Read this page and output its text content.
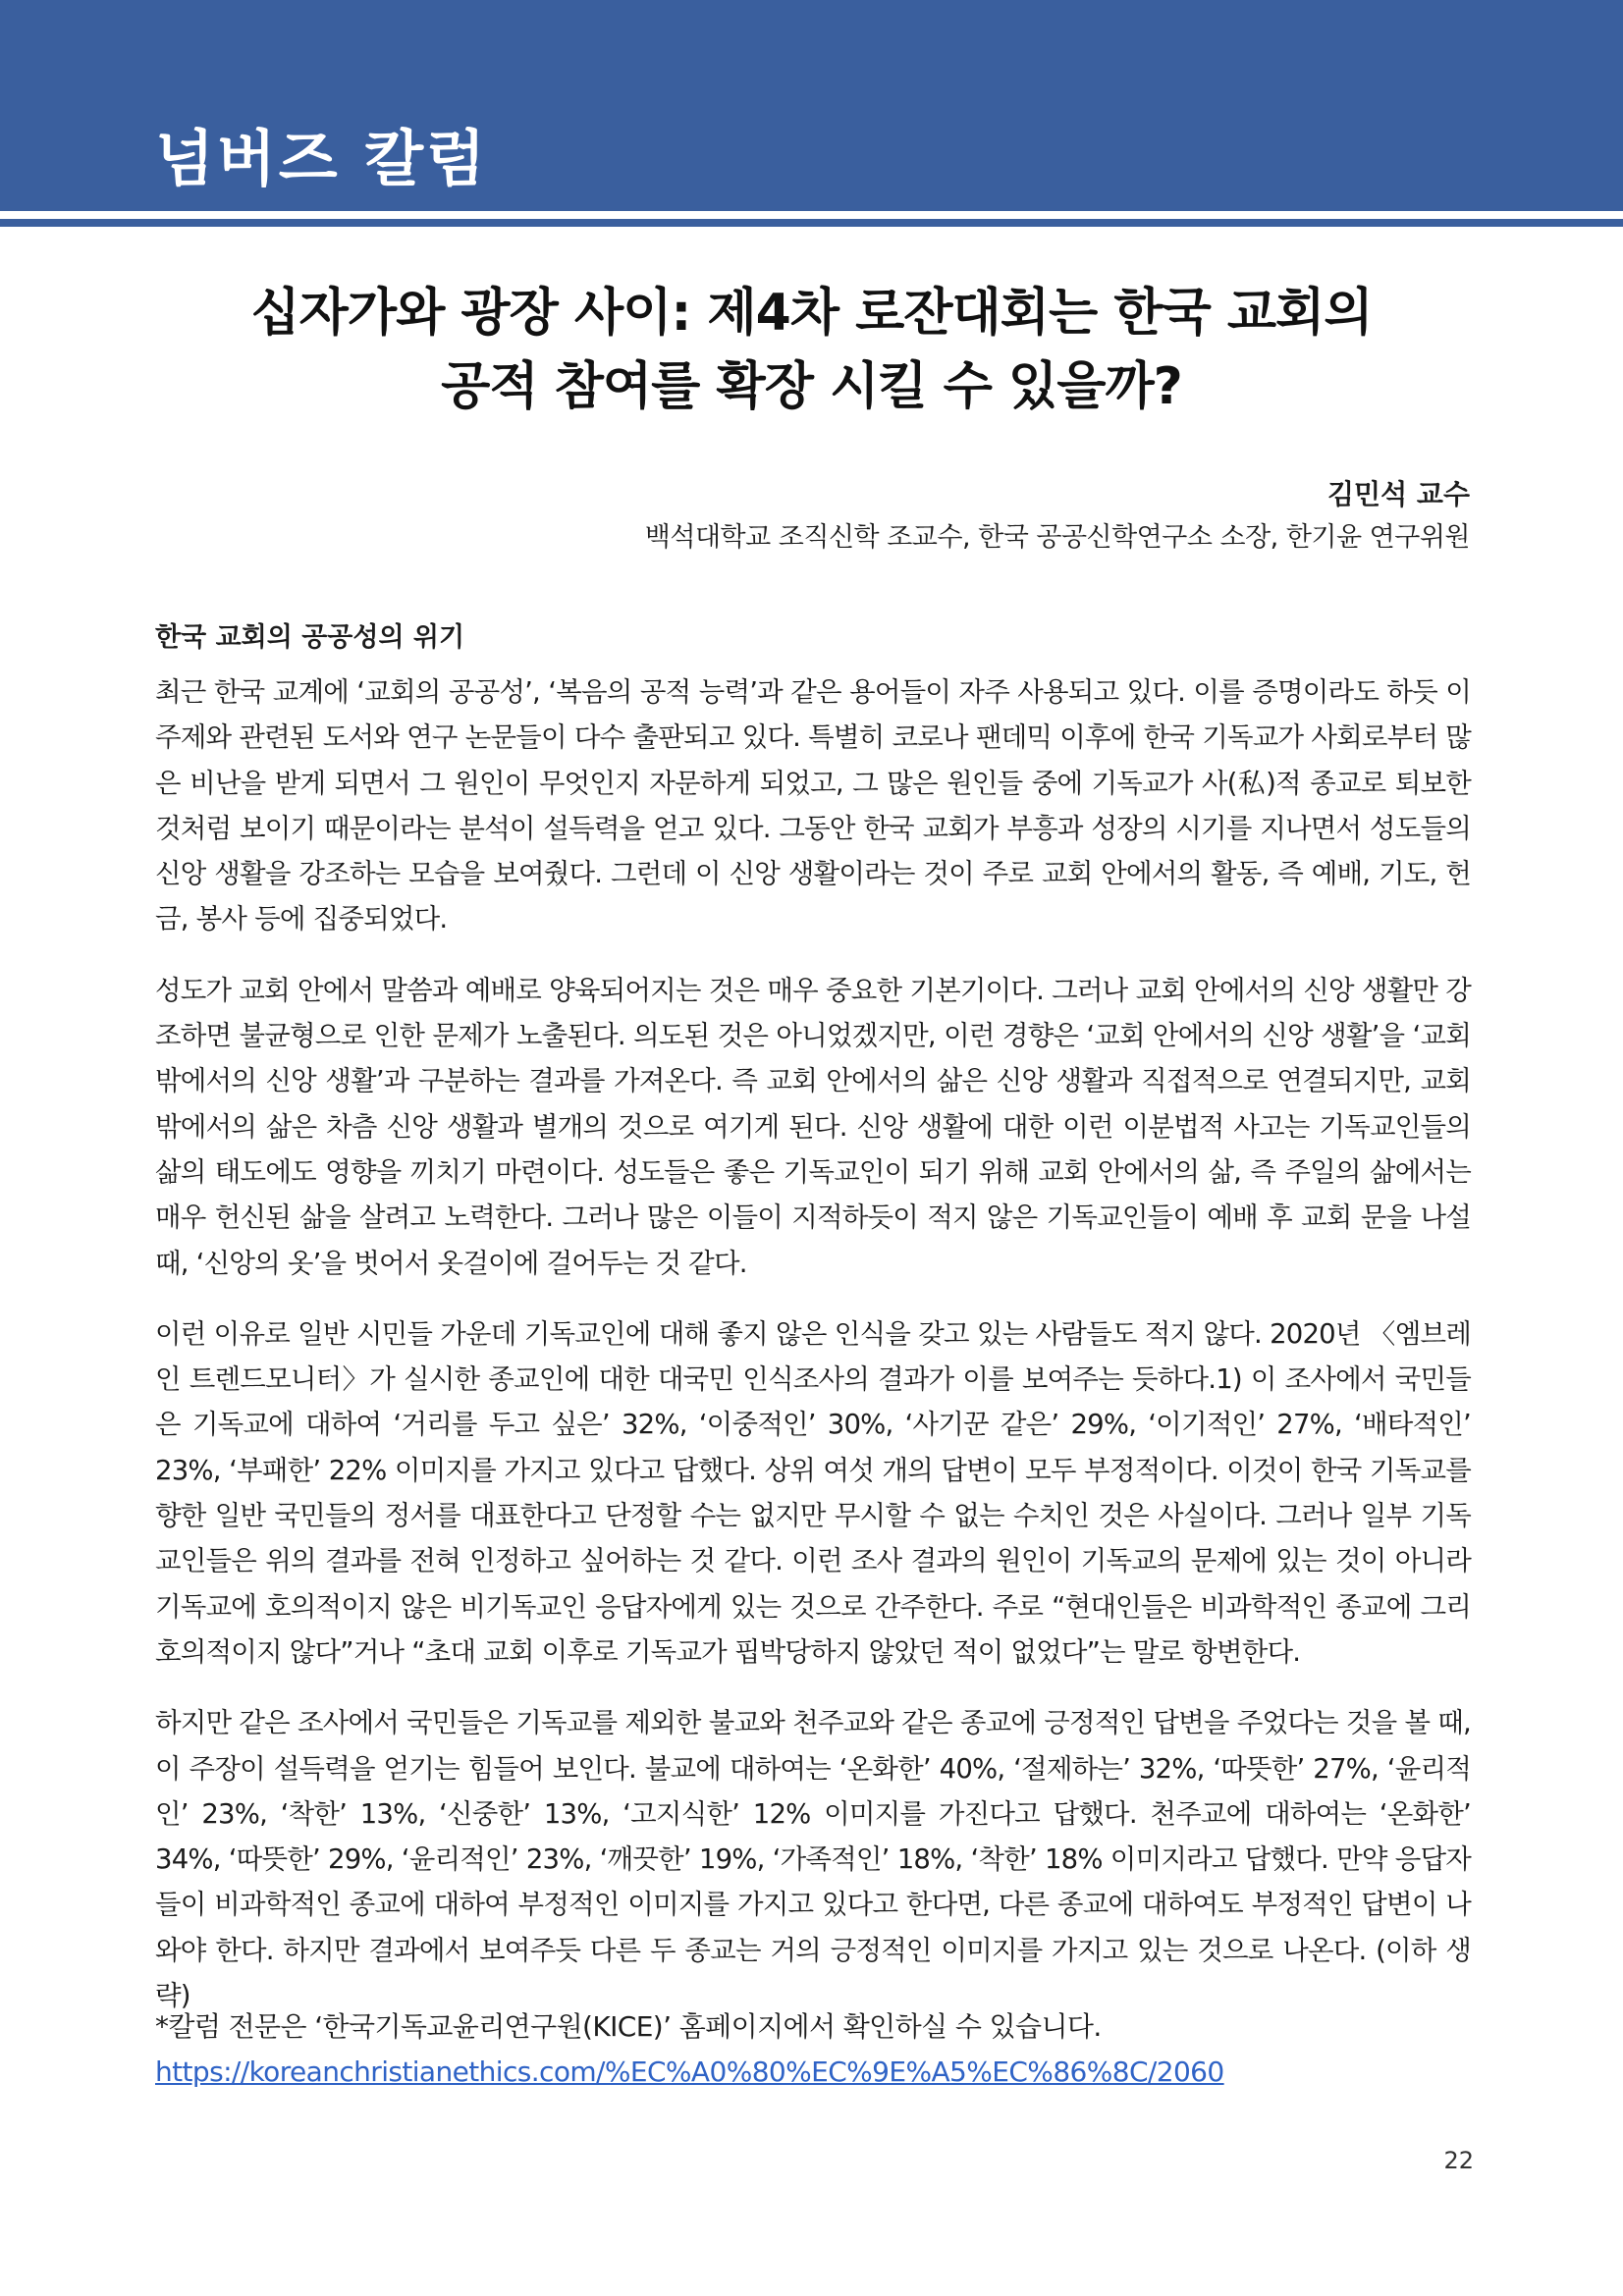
넘버즈 칼럼
십자가와 광장 사이: 제4차 로잔대회는 한국 교회의
공적 참여를 확장 시킬 수 있을까?
김민석 교수
백석대학교 조직신학 조교수, 한국 공공신학연구소 소장, 한기윤 연구위원
한국 교회의 공공성의 위기

최근 한국 교계에 ‘교회의 공공성’, ‘복음의 공적 능력’과 같은 용어들이 자주 사용되고 있다. 이를 증명이라도 하듯 이 주제와 관련된 도서와 연구 논문들이 다수 출판되고 있다. 특별히 코로나 팬데믹 이후에 한국 기독교가 사회로부터 많은 비난을 받게 되면서 그 원인이 무엇인지 자문하게 되었고, 그 많은 원인들 중에 기독교가 사(私)적 종교로 퇴보한 것처럼 보이기 때문이라는 분석이 설득력을 얻고 있다. 그동안 한국 교회가 부흥과 성장의 시기를 지나면서 성도들의 신앙 생활을 강조하는 모습을 보여줬다. 그런데 이 신앙 생활이라는 것이 주로 교회 안에서의 활동, 즉 예배, 기도, 헌금, 봉사 등에 집중되었다.

성도가 교회 안에서 말씀과 예배로 양육되어지는 것은 매우 중요한 기본기이다. 그러나 교회 안에서의 신앙 생활만 강조하면 불균형으로 인한 문제가 노출된다. 의도된 것은 아니었겠지만, 이런 경향은 ‘교회 안에서의 신앙 생활’을 ‘교회 밖에서의 신앙 생활’과 구분하는 결과를 가져온다. 즉 교회 안에서의 삶은 신앙 생활과 직접적으로 연결되지만, 교회 밖에서의 삶은 차츰 신앙 생활과 별개의 것으로 여기게 된다. 신앙 생활에 대한 이런 이분법적 사고는 기독교인들의 삶의 태도에도 영향을 끼치기 마련이다. 성도들은 좋은 기독교인이 되기 위해 교회 안에서의 삶, 즉 주일의 삶에서는 매우 헌신된 삶을 살려고 노력한다. 그러나 많은 이들이 지적하듯이 적지 않은 기독교인들이 예배 후 교회 문을 나설 때, ‘신앙의 옷’을 벗어서 옷걸이에 걸어두는 것 같다.

이런 이유로 일반 시민들 가운데 기독교인에 대해 좋지 않은 인식을 갖고 있는 사람들도 적지 않다. 2020년 〈엠브레인 트렌드모니터〉가 실시한 종교인에 대한 대국민 인식조사의 결과가 이를 보여주는 듯하다.1) 이 조사에서 국민들은 기독교에 대하여 ‘거리를 두고 싶은’ 32%, ‘이중적인’ 30%, ‘사기꾼 같은’ 29%, ‘이기적인’ 27%, ‘배타적인’ 23%, ‘부패한’ 22% 이미지를 가지고 있다고 답했다. 상위 여섯 개의 답변이 모두 부정적이다. 이것이 한국 기독교를 향한 일반 국민들의 정서를 대표한다고 단정할 수는 없지만 무시할 수 없는 수치인 것은 사실이다. 그러나 일부 기독교인들은 위의 결과를 전혀 인정하고 싶어하는 것 같다. 이런 조사 결과의 원인이 기독교의 문제에 있는 것이 아니라 기독교에 호의적이지 않은 비기독교인 응답자에게 있는 것으로 간주한다. 주로 “현대인들은 비과학적인 종교에 그리 호의적이지 않다”거나 “초대 교회 이후로 기독교가 핍박당하지 않았던 적이 없었다”는 말로 항변한다.

하지만 같은 조사에서 국민들은 기독교를 제외한 불교와 천주교와 같은 종교에 긍정적인 답변을 주었다는 것을 볼 때, 이 주장이 설득력을 얻기는 힘들어 보인다. 불교에 대하여는 ‘온화한’ 40%, ‘절제하는’ 32%, ‘따뜻한’ 27%, ‘윤리적인’ 23%, ‘착한’ 13%, ‘신중한’ 13%, ‘고지식한’ 12% 이미지를 가진다고 답했다. 천주교에 대하여는 ‘온화한’ 34%, ‘따뜻한’ 29%, ‘윤리적인’ 23%, ‘깨끗한’ 19%, ‘가족적인’ 18%, ‘착한’ 18% 이미지라고 답했다. 만약 응답자들이 비과학적인 종교에 대하여 부정적인 이미지를 가지고 있다고 한다면, 다른 종교에 대하여도 부정적인 답변이 나와야 한다. 하지만 결과에서 보여주듯 다른 두 종교는 거의 긍정적인 이미지를 가지고 있는 것으로 나온다. (이하 생략)

*칼럼 전문은 ‘한국기독교윤리연구원(KICE)’ 홈페이지에서 확인하실 수 있습니다.
https://koreanchristianethics.com/%EC%A0%80%EC%9E%A5%EC%86%8C/2060
22
